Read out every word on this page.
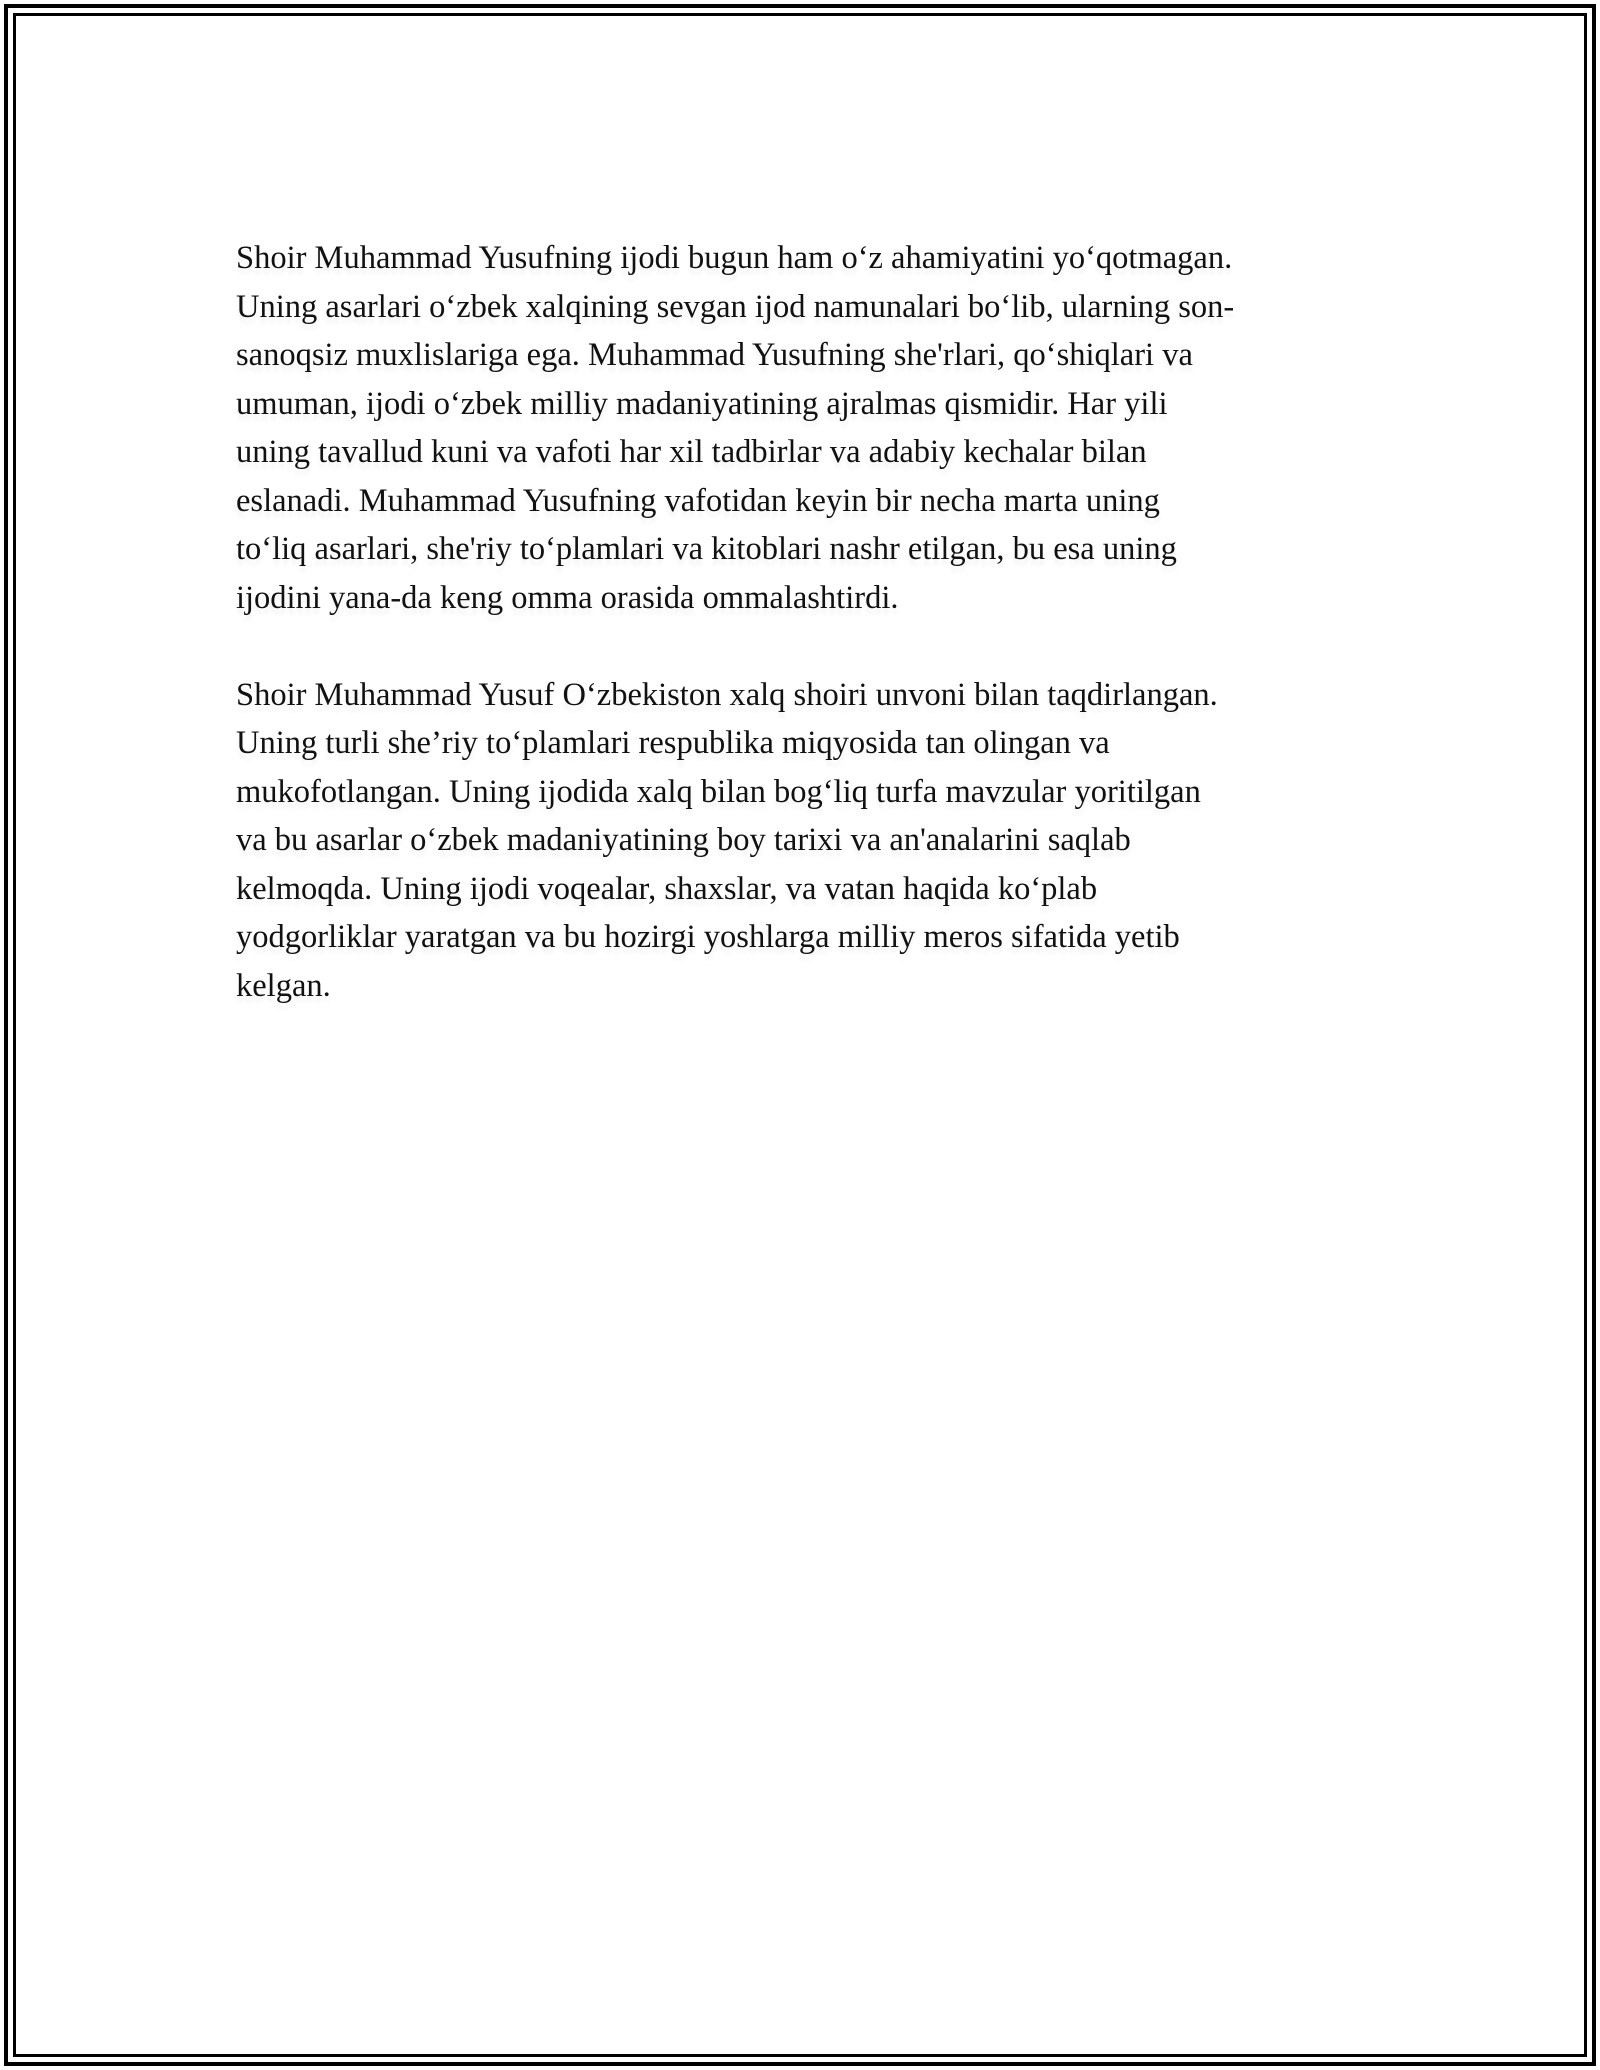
Shoir Muhammad Yusufning ijodi bugun ham o‘z ahamiyatini yo‘qotmagan.
Uning asarlari o‘zbek xalqining sevgan ijod namunalari bo‘lib, ularning son-
sanoqsiz muxlislariga ega. Muhammad Yusufning she'rlari, qo‘shiqlari va
umuman, ijodi o‘zbek milliy madaniyatining ajralmas qismidir. Har yili
uning tavallud kuni va vafoti har xil tadbirlar va adabiy kechalar bilan
eslanadi. Muhammad Yusufning vafotidan keyin bir necha marta uning
to‘liq asarlari, she'riy to‘plamlari va kitoblari nashr etilgan, bu esa uning
ijodini yana-da keng omma orasida ommalashtirdi.

Shoir Muhammad Yusuf O‘zbekiston xalq shoiri unvoni bilan taqdirlangan.
Uning turli she’riy to‘plamlari respublika miqyosida tan olingan va
mukofotlangan. Uning ijodida xalq bilan bog‘liq turfa mavzular yoritilgan
va bu asarlar o‘zbek madaniyatining boy tarixi va an'analarini saqlab
kelmoqda. Uning ijodi voqealar, shaxslar, va vatan haqida ko‘plab
yodgorliklar yaratgan va bu hozirgi yoshlarga milliy meros sifatida yetib
kelgan.
